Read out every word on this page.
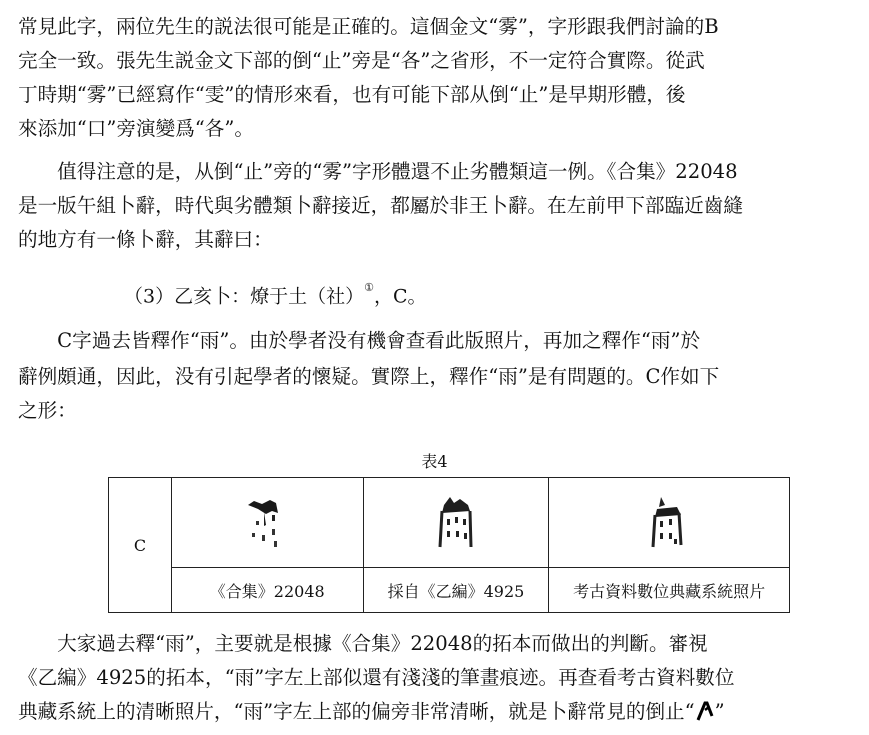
常見此字，兩位先生的説法很可能是正確的。這個金文“雾”，字形跟我們討論的B
完全一致。張先生説金文下部的倒“止”旁是“各”之省形，不一定符合實際。從武
丁時期“雾”已經寫作“雯”的情形來看，也有可能下部从倒“止”是早期形體，後
來添加“口”旁演變爲“各”。
　　值得注意的是，从倒“止”旁的“雾”字形體還不止劣體類這一例。《合集》22048
是一版午組卜辭，時代與劣體類卜辭接近，都屬於非王卜辭。在左前甲下部臨近齒縫
的地方有一條卜辭，其辭曰：
（3）乙亥卜：燎于土（社）①，C。
　　C字過去皆釋作“雨”。由於學者没有機會查看此版照片，再加之釋作“雨”於
辭例頗通，因此，没有引起學者的懷疑。實際上，釋作“雨”是有問題的。C作如下
之形：
表4
C	

	《合集》22048	採自《乙編》4925	考古資料數位典藏系統照片
　　大家過去釋“雨”，主要就是根據《合集》22048的拓本而做出的判斷。審視
《乙編》4925的拓本，“雨”字左上部似還有淺淺的筆畫痕迹。再查看考古資料數位
典藏系統上的清晰照片，“雨”字左上部的偏旁非常清晰，就是卜辭常見的倒止“ ”
